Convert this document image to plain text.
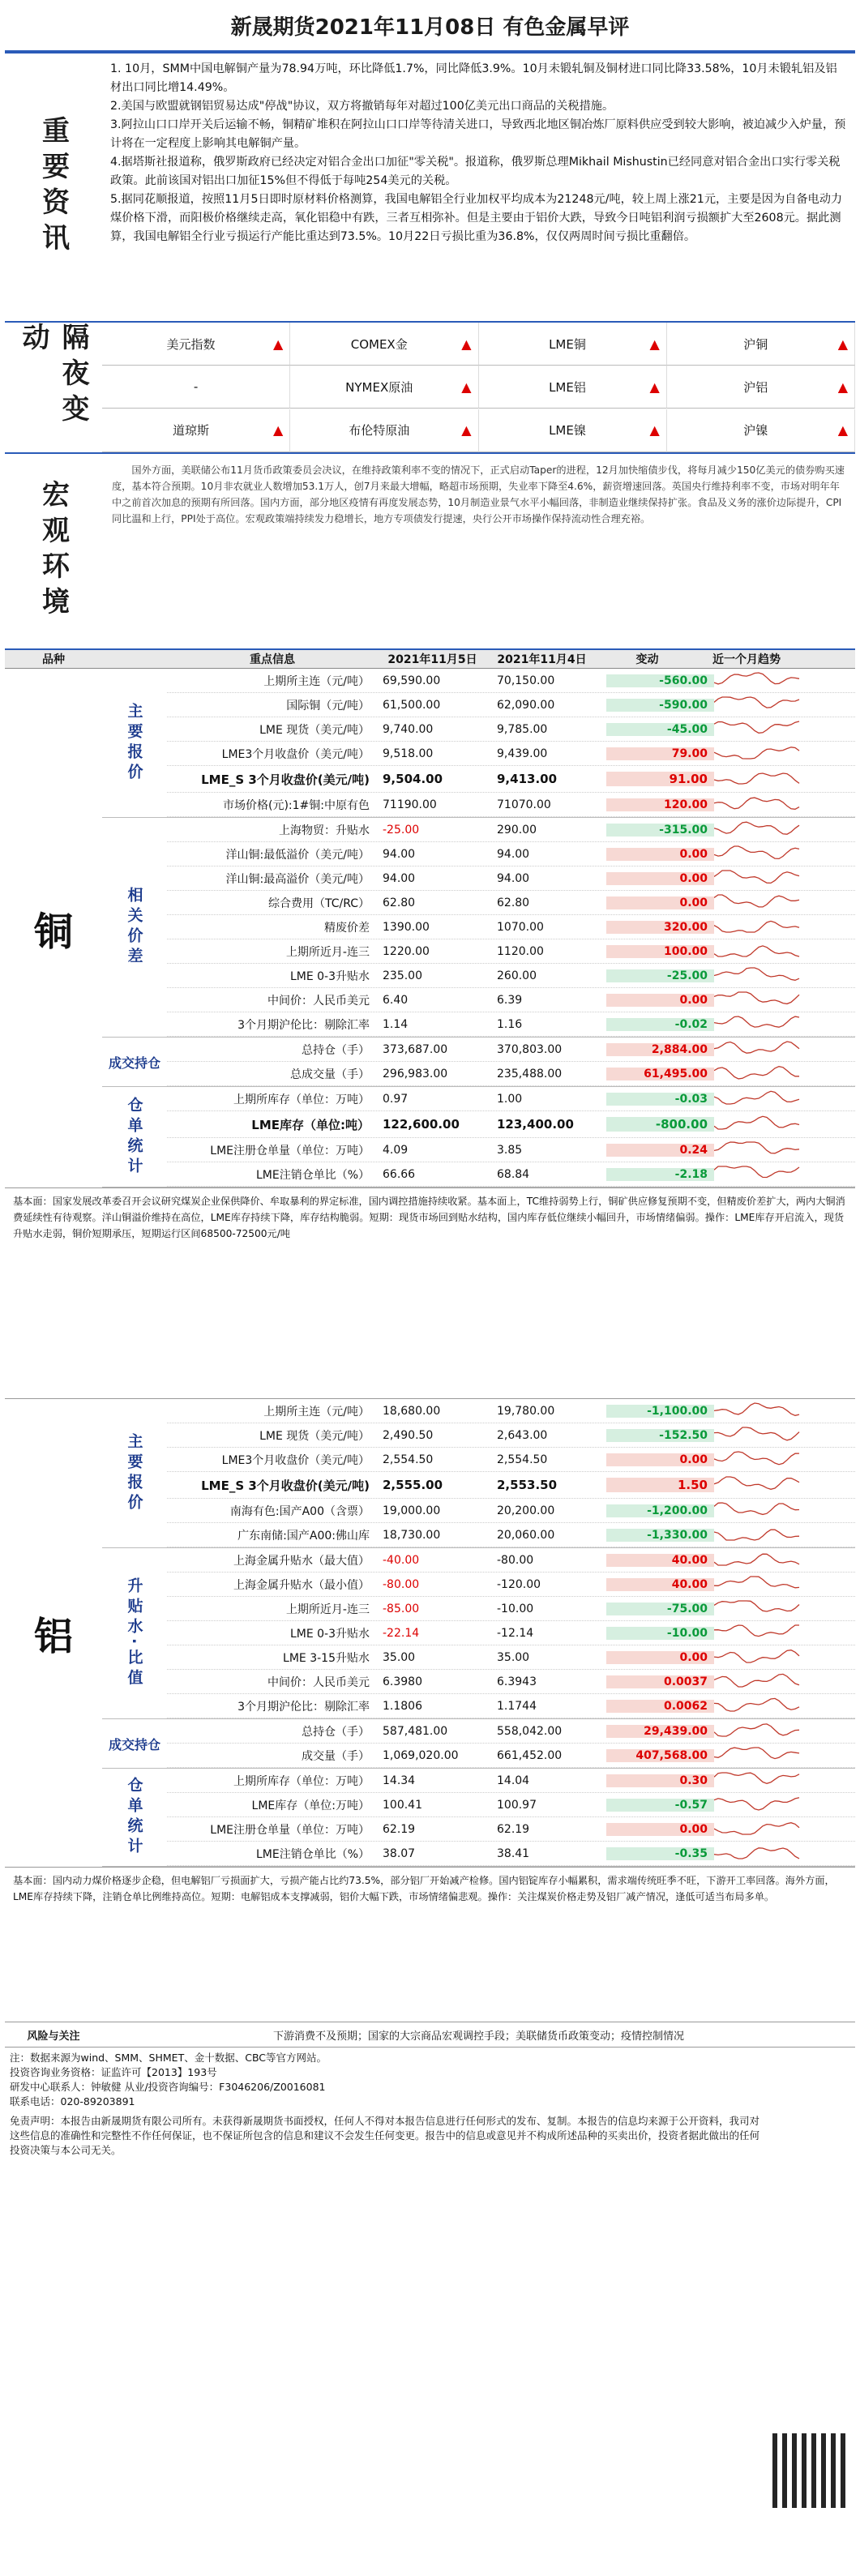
新晟期货2021年11月08日 有色金属早评
重要资讯

1. 10月，SMM中国电解铜产量为78.94万吨，环比降低1.7%，同比降低3.9%。10月未锻轧铜及铜材进口同比降33.58%，10月未锻轧铝及铝材出口同比增14.49%。

2.美国与欧盟就钢铝贸易达成"停战"协议，双方将撤销每年对超过100亿美元出口商品的关税措施。

3.阿拉山口口岸开关后运输不畅，铜精矿堆积在阿拉山口口岸等待清关进口，导致西北地区铜冶炼厂原料供应受到较大影响，被迫减少入炉量，预计将在一定程度上影响其电解铜产量。

4.据塔斯社报道称，俄罗斯政府已经决定对铝合金出口加征"零关税"。报道称，俄罗斯总理Mikhail Mishustin已经同意对铝合金出口实行零关税政策。此前该国对铝出口加征15%但不得低于每吨254美元的关税。

5.据同花顺报道，按照11月5日即时原材料价格测算，我国电解铝全行业加权平均成本为21248元/吨，较上周上涨21元，主要是因为自备电动力煤价格下滑，而阳极价格继续走高，氧化铝稳中有跌，三者互相弥补。但是主要由于铝价大跌，导致今日吨铝利润亏损额扩大至2608元。据此测算，我国电解铝全行业亏损运行产能比重达到73.5%。10月22日亏损比重为36.8%，仅仅两周时间亏损比重翻倍。

隔夜变动	美元指数	▲	COMEX金	▲	LME铜	▲	沪铜	▲
-	NYMEX原油	▲	LME铝	▲	沪铝	▲
道琼斯	▲	布伦特原油	▲	LME镍	▲	沪镍	▲
宏观环境
国外方面，美联储公布11月货币政策委员会决议，在维持政策利率不变的情况下，正式启动Taper的进程，12月加快缩债步伐，将每月减少150亿美元的债券购买速度，基本符合预期。10月非农就业人数增加53.1万人，创7月来最大增幅，略超市场预期，失业率下降至4.6%，薪资增速回落。英国央行维持利率不变，市场对明年年中之前首次加息的预期有所回落。国内方面，部分地区疫情有再度发展态势，10月制造业景气水平小幅回落，非制造业继续保持扩张。食品及义务的涨价边际提升，CPI同比温和上行，PPI处于高位。宏观政策端持续发力稳增长，地方专项债发行提速，央行公开市场操作保持流动性合理充裕。
品种	重点信息	2021年11月5日	2021年11月4日	变动	近一个月趋势
铜
主要报价
上期所主连（元/吨）	69,590.00	70,150.00	-560.00
国际铜（元/吨）	61,500.00	62,090.00	-590.00
LME 现货（美元/吨）	9,740.00	9,785.00	-45.00
LME3个月收盘价（美元/吨）	9,518.00	9,439.00	79.00
LME_S 3个月收盘价(美元/吨)	9,504.00	9,413.00	91.00
市场价格(元):1#铜:中原有色	71190.00	71070.00	120.00
相关价差
上海物贸：升贴水	-25.00	290.00	-315.00
洋山铜:最低溢价（美元/吨）	94.00	94.00	0.00
洋山铜:最高溢价（美元/吨）	94.00	94.00	0.00
综合费用（TC/RC）	62.80	62.80	0.00
精废价差	1390.00	1070.00	320.00
上期所近月-连三	1220.00	1120.00	100.00
LME 0-3升贴水	235.00	260.00	-25.00
中间价：人民币美元	6.40	6.39	0.00
3个月期沪伦比：剔除汇率	1.14	1.16	-0.02
成交持仓
总持仓（手）	373,687.00	370,803.00	2,884.00
总成交量（手）	296,983.00	235,488.00	61,495.00
仓单统计	上期所库存（单位：万吨）	0.97	1.00	-0.03
LME库存（单位:吨）	122,600.00	123,400.00	-800.00
LME注册仓单量（单位：万吨）	4.09	3.85	0.24
LME注销仓单比（%）	66.66	68.84	-2.18
基本面：国家发展改革委召开会议研究煤炭企业保供降价、牟取暴利的界定标准，国内调控措施持续收紧。基本面上，TC维持弱势上行，铜矿供应修复预期不变，但精废价差扩大，两内大铜消费延续性有待观察。洋山铜溢价维持在高位，LME库存持续下降，库存结构脆弱。短期：现货市场回到贴水结构，国内库存低位继续小幅回升，市场情绪偏弱。操作：LME库存开启流入，现货升贴水走弱，铜价短期承压，短期运行区间68500-72500元/吨
铝
主要报价
上期所主连（元/吨）	18,680.00	19,780.00	-1,100.00
LME 现货（美元/吨）	2,490.50	2,643.00	-152.50
LME3个月收盘价（美元/吨）	2,554.50	2,554.50	0.00
LME_S 3个月收盘价(美元/吨)	2,555.00	2,553.50	1.50
南海有色:国产A00（含票）	19,000.00	20,200.00	-1,200.00
广东南储:国产A00:佛山库	18,730.00	20,060.00	-1,330.00
升贴水·比值
上海金属升贴水（最大值）	-40.00	-80.00	40.00
上海金属升贴水（最小值）	-80.00	-120.00	40.00
上期所近月-连三	-85.00	-10.00	-75.00
LME 0-3升贴水	-22.14	-12.14	-10.00
LME 3-15升贴水	35.00	35.00	0.00
中间价：人民币美元	6.3980	6.3943	0.0037
3个月期沪伦比：剔除汇率	1.1806	1.1744	0.0062
成交持仓
总持仓（手）	587,481.00	558,042.00	29,439.00
成交量（手）	1,069,020.00	661,452.00	407,568.00
仓单统计	上期所库存（单位：万吨）	14.34	14.04	0.30
LME库存（单位:万吨）	100.41	100.97	-0.57
LME注册仓单量（单位：万吨）	62.19	62.19	0.00
LME注销仓单比（%）	38.07	38.41	-0.35
基本面：国内动力煤价格逐步企稳，但电解铝厂亏损面扩大，亏损产能占比约73.5%，部分铝厂开始减产检修。国内铝锭库存小幅累积，需求端传统旺季不旺，下游开工率回落。海外方面，LME库存持续下降，注销仓单比例维持高位。短期：电解铝成本支撑减弱，铝价大幅下跌，市场情绪偏悲观。操作：关注煤炭价格走势及铝厂减产情况，逢低可适当布局多单。
风险与关注	下游消费不及预期；国家的大宗商品宏观调控手段；美联储货币政策变动；疫情控制情况
注：数据来源为wind、SMM、SHMET、金十数据、CBC等官方网站。
投资咨询业务资格：证监许可【2013】193号
研发中心联系人：钟敏健 从业/投资咨询编号：F3046206/Z0016081
联系电话：020-89203891
免责声明：本报告由新晟期货有限公司所有。未获得新晟期货书面授权，任何人不得对本报告信息进行任何形式的发布、复制。本报告的信息均来源于公开资料，我司对这些信息的准确性和完整性不作任何保证，也不保证所包含的信息和建议不会发生任何变更。报告中的信息或意见并不构成所述品种的买卖出价，投资者据此做出的任何投资决策与本公司无关。
